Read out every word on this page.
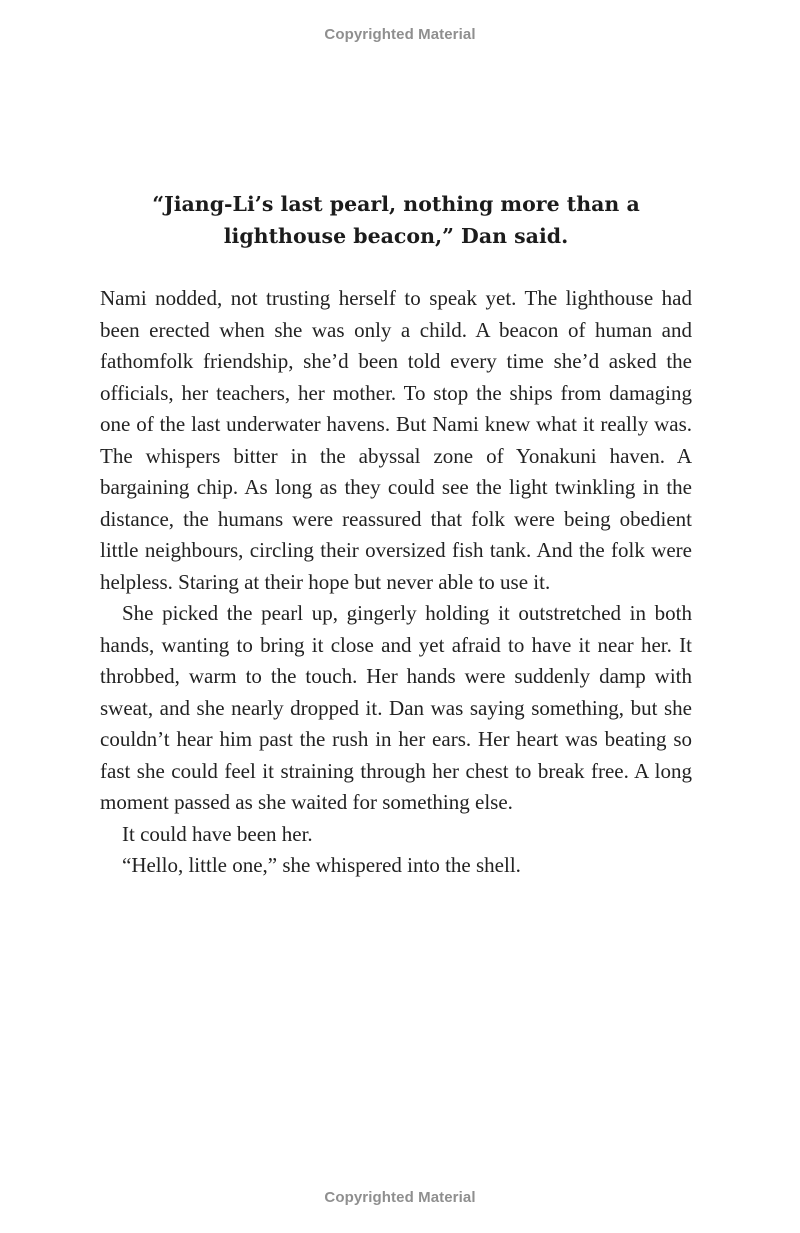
Copyrighted Material
“Jiang-Li’s last pearl, nothing more than a
lighthouse beacon,” Dan said.

Nami nodded, not trusting herself to speak yet. The lighthouse had been erected when she was only a child. A beacon of human and fathomfolk friendship, she’d been told every time she’d asked the officials, her teachers, her mother. To stop the ships from damaging one of the last underwater havens. But Nami knew what it really was. The whispers bitter in the abyssal zone of Yonakuni haven. A bargaining chip. As long as they could see the light twinkling in the distance, the humans were reassured that folk were being obedient little neighbours, circling their oversized fish tank. And the folk were helpless. Staring at their hope but never able to use it.

She picked the pearl up, gingerly holding it outstretched in both hands, wanting to bring it close and yet afraid to have it near her. It throbbed, warm to the touch. Her hands were suddenly damp with sweat, and she nearly dropped it. Dan was saying something, but she couldn’t hear him past the rush in her ears. Her heart was beating so fast she could feel it straining through her chest to break free. A long moment passed as she waited for something else.

It could have been her.

“Hello, little one,” she whispered into the shell.

Copyrighted Material
